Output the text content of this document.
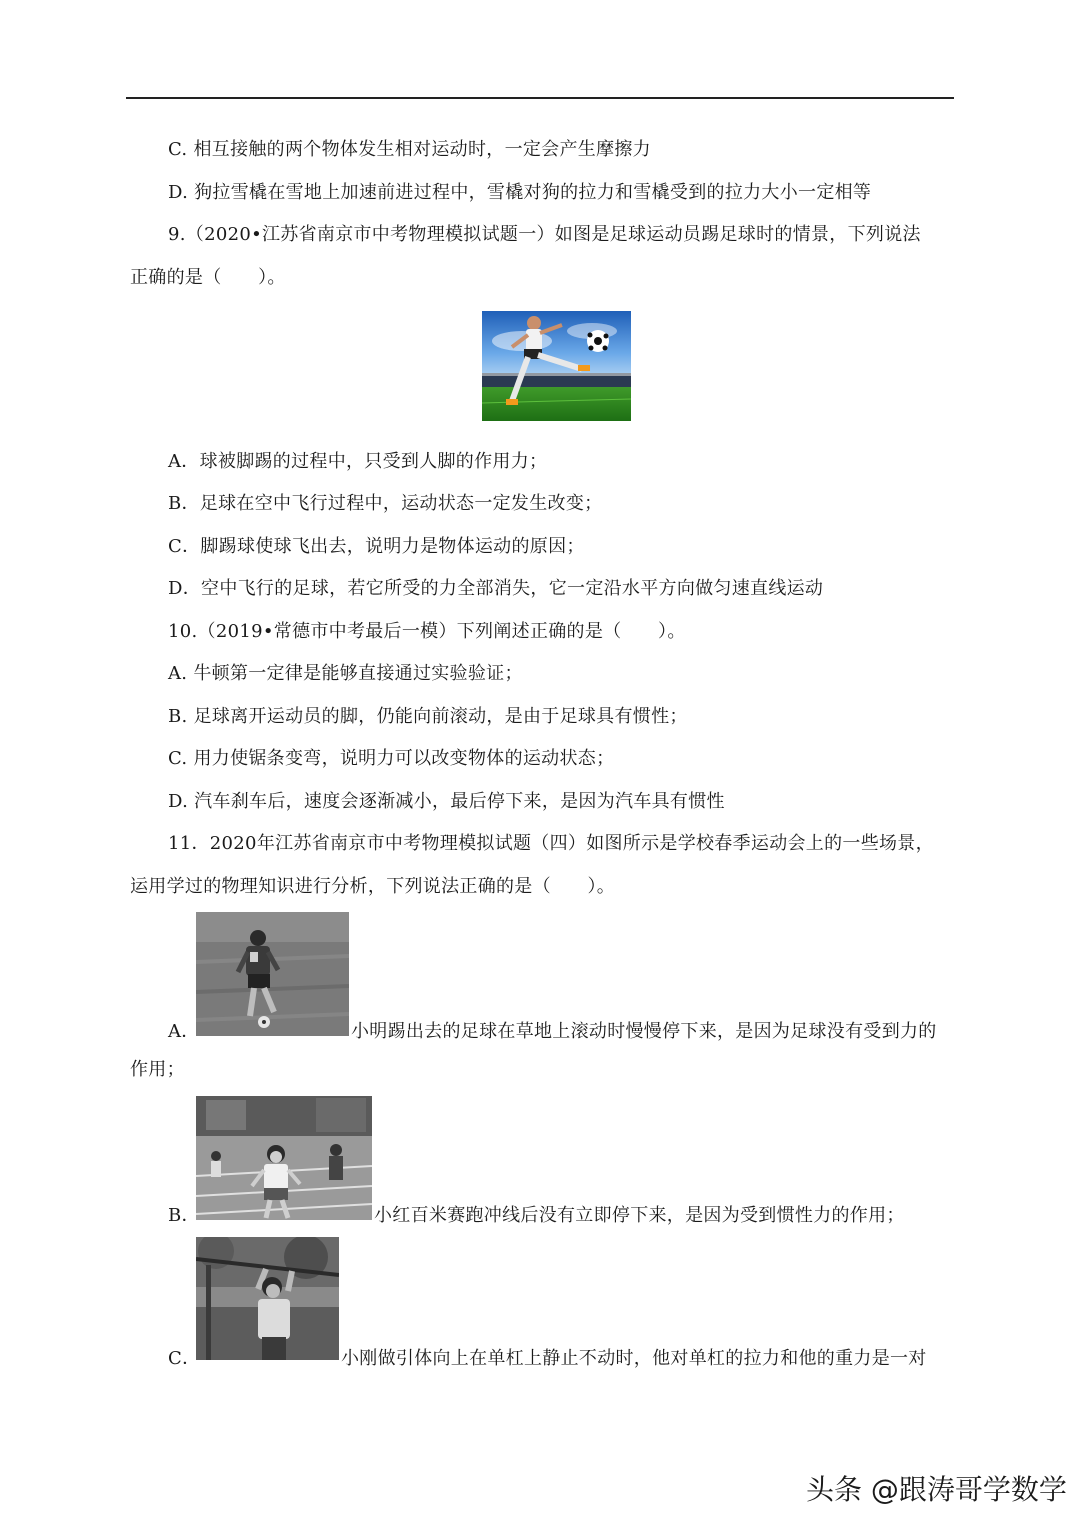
C. 相互接触的两个物体发生相对运动时，一定会产生摩擦力
D. 狗拉雪橇在雪地上加速前进过程中，雪橇对狗的拉力和雪橇受到的拉力大小一定相等
9.（2020•江苏省南京市中考物理模拟试题一）如图是足球运动员踢足球时的情景，下列说法
正确的是（　　）。
A．球被脚踢的过程中，只受到人脚的作用力；
B．足球在空中飞行过程中，运动状态一定发生改变；
C．脚踢球使球飞出去，说明力是物体运动的原因；
D．空中飞行的足球，若它所受的力全部消失，它一定沿水平方向做匀速直线运动
10.（2019•常德市中考最后一模）下列阐述正确的是（　　）。
A. 牛顿第一定律是能够直接通过实验验证；
B. 足球离开运动员的脚，仍能向前滚动，是由于足球具有惯性；
C. 用力使锯条变弯，说明力可以改变物体的运动状态；
D. 汽车刹车后，速度会逐渐减小，最后停下来，是因为汽车具有惯性
11．2020年江苏省南京市中考物理模拟试题（四）如图所示是学校春季运动会上的一些场景，
运用学过的物理知识进行分析，下列说法正确的是（　　）。
A．	小明踢出去的足球在草地上滚动时慢慢停下来，是因为足球没有受到力的
作用；
B．	小红百米赛跑冲线后没有立即停下来，是因为受到惯性力的作用；
C．	小刚做引体向上在单杠上静止不动时，他对单杠的拉力和他的重力是一对
头条 @跟涛哥学数学
